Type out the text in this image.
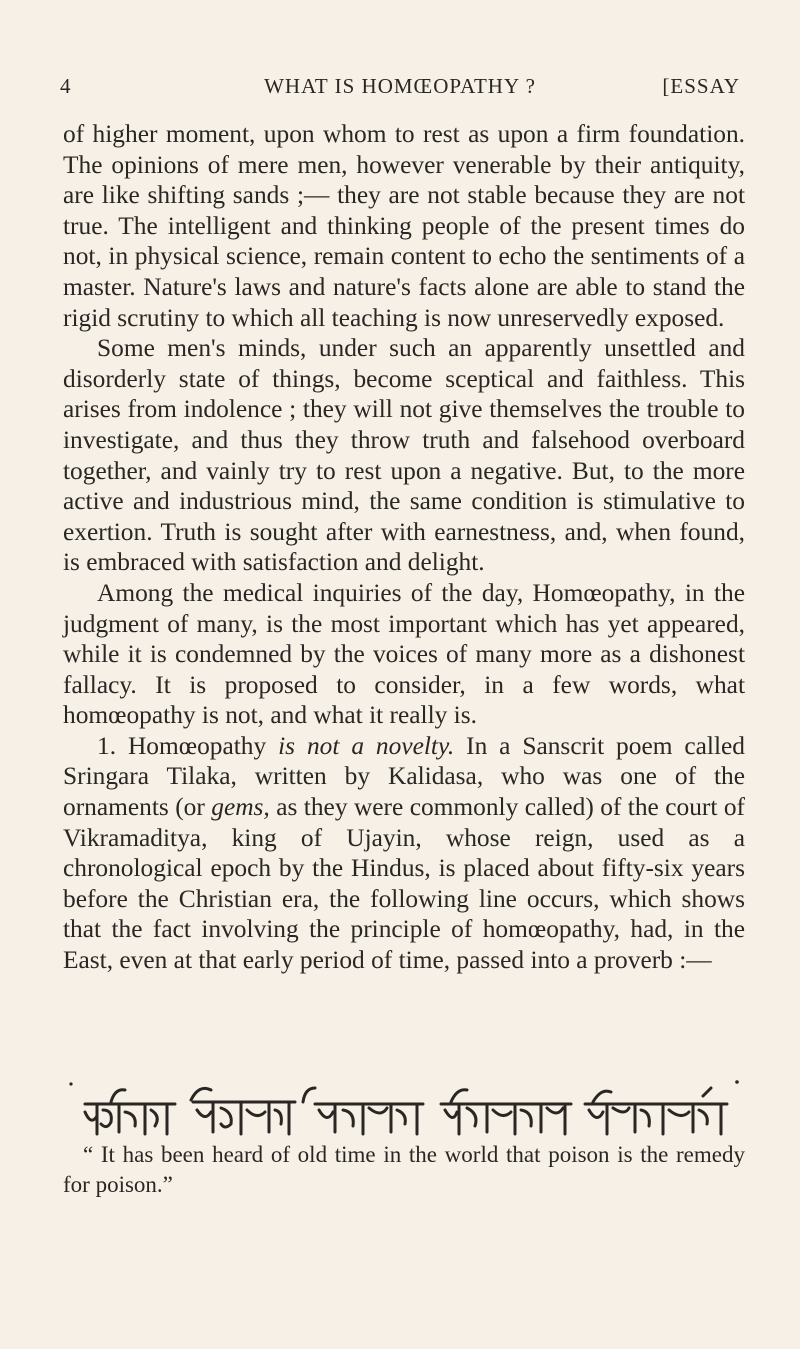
4	WHAT IS HOMŒOPATHY ?	[ESSAY

of higher moment, upon whom to rest as upon a firm foundation. The opinions of mere men, however venerable by their antiquity, are like shifting sands ;— they are not stable because they are not true. The intelligent and thinking people of the present times do not, in physical science, remain content to echo the sentiments of a master. Nature's laws and nature's facts alone are able to stand the rigid scrutiny to which all teaching is now unreservedly exposed.

Some men's minds, under such an apparently unsettled and disorderly state of things, become sceptical and faithless. This arises from indolence ; they will not give themselves the trouble to investigate, and thus they throw truth and falsehood overboard together, and vainly try to rest upon a negative. But, to the more active and industrious mind, the same condition is stimulative to exertion. Truth is sought after with earnestness, and, when found, is embraced with satisfaction and delight.

Among the medical inquiries of the day, Homœopathy, in the judgment of many, is the most important which has yet appeared, while it is condemned by the voices of many more as a dishonest fallacy. It is proposed to consider, in a few words, what homœopathy is not, and what it really is.

1. Homœopathy is not a novelty. In a Sanscrit poem called Sringara Tilaka, written by Kalidasa, who was one of the ornaments (or gems, as they were commonly called) of the court of Vikramaditya, king of Ujayin, whose reign, used as a chronological epoch by the Hindus, is placed about fifty-six years before the Christian era, the following line occurs, which shows that the fact involving the principle of homœopathy, had, in the East, even at that early period of time, passed into a proverb :—

“ It has been heard of old time in the world that poison is the remedy for poison.”
